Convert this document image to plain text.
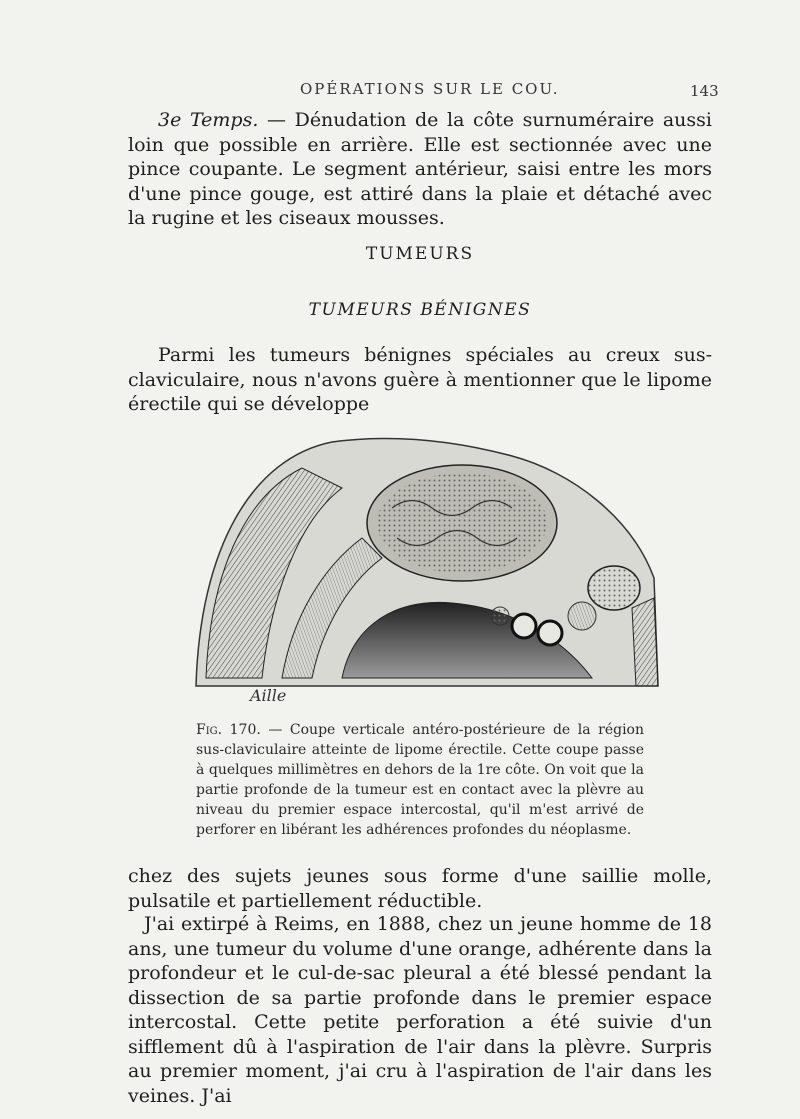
OPÉRATIONS SUR LE COU.	143

3e Temps. — Dénudation de la côte surnuméraire aussi loin que possible en arrière. Elle est sectionnée avec une pince coupante. Le segment antérieur, saisi entre les mors d'une pince gouge, est attiré dans la plaie et détaché avec la rugine et les ciseaux mousses.

TUMEURS
TUMEURS BÉNIGNES

Parmi les tumeurs bénignes spéciales au creux sus-claviculaire, nous n'avons guère à mentionner que le lipome érectile qui se développe

Aille

Fig. 170. — Coupe verticale antéro-postérieure de la région sus-claviculaire atteinte de lipome érectile. Cette coupe passe à quelques millimètres en dehors de la 1re côte. On voit que la partie profonde de la tumeur est en contact avec la plèvre au niveau du premier espace intercostal, qu'il m'est arrivé de perforer en libérant les adhérences profondes du néoplasme.

chez des sujets jeunes sous forme d'une saillie molle, pulsatile et partiellement réductible.

J'ai extirpé à Reims, en 1888, chez un jeune homme de 18 ans, une tumeur du volume d'une orange, adhérente dans la profondeur et le cul-de-sac pleural a été blessé pendant la dissection de sa partie profonde dans le premier espace intercostal. Cette petite perforation a été suivie d'un sifflement dû à l'aspiration de l'air dans la plèvre. Surpris au premier moment, j'ai cru à l'aspiration de l'air dans les veines. J'ai
